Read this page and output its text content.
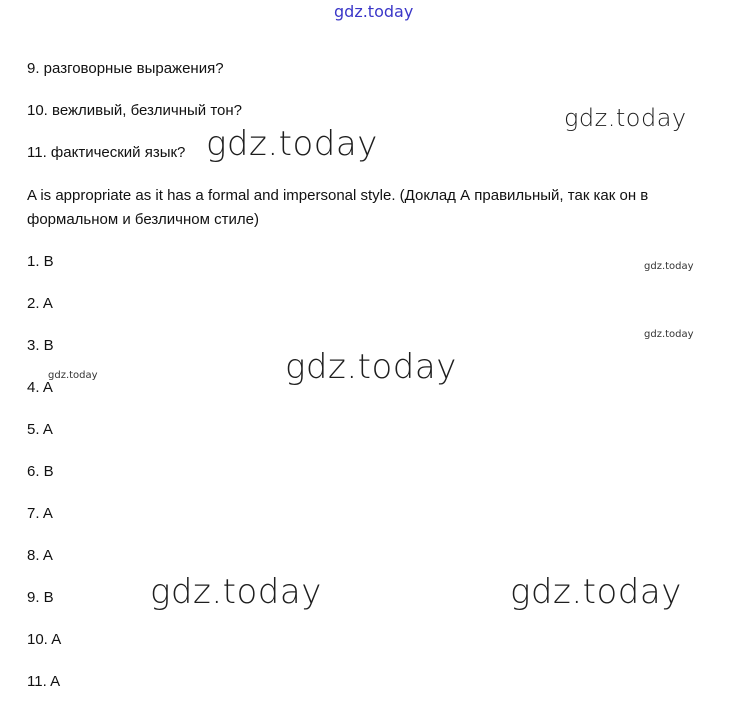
gdz.today
gdz.today
gdz.today
gdz.today
gdz.today
gdz.today
gdz.today
gdz.today	gdz.today
9. разговорные выражения?
10. вежливый, безличный тон?
11. фактический язык?
A is appropriate as it has a formal and impersonal style. (Доклад А правильный, так как он в
формальном и безличном стиле)
1. B
2. A
3. B
4. A
5. A
6. B
7. A
8. A
9. B
10. A
11. A
